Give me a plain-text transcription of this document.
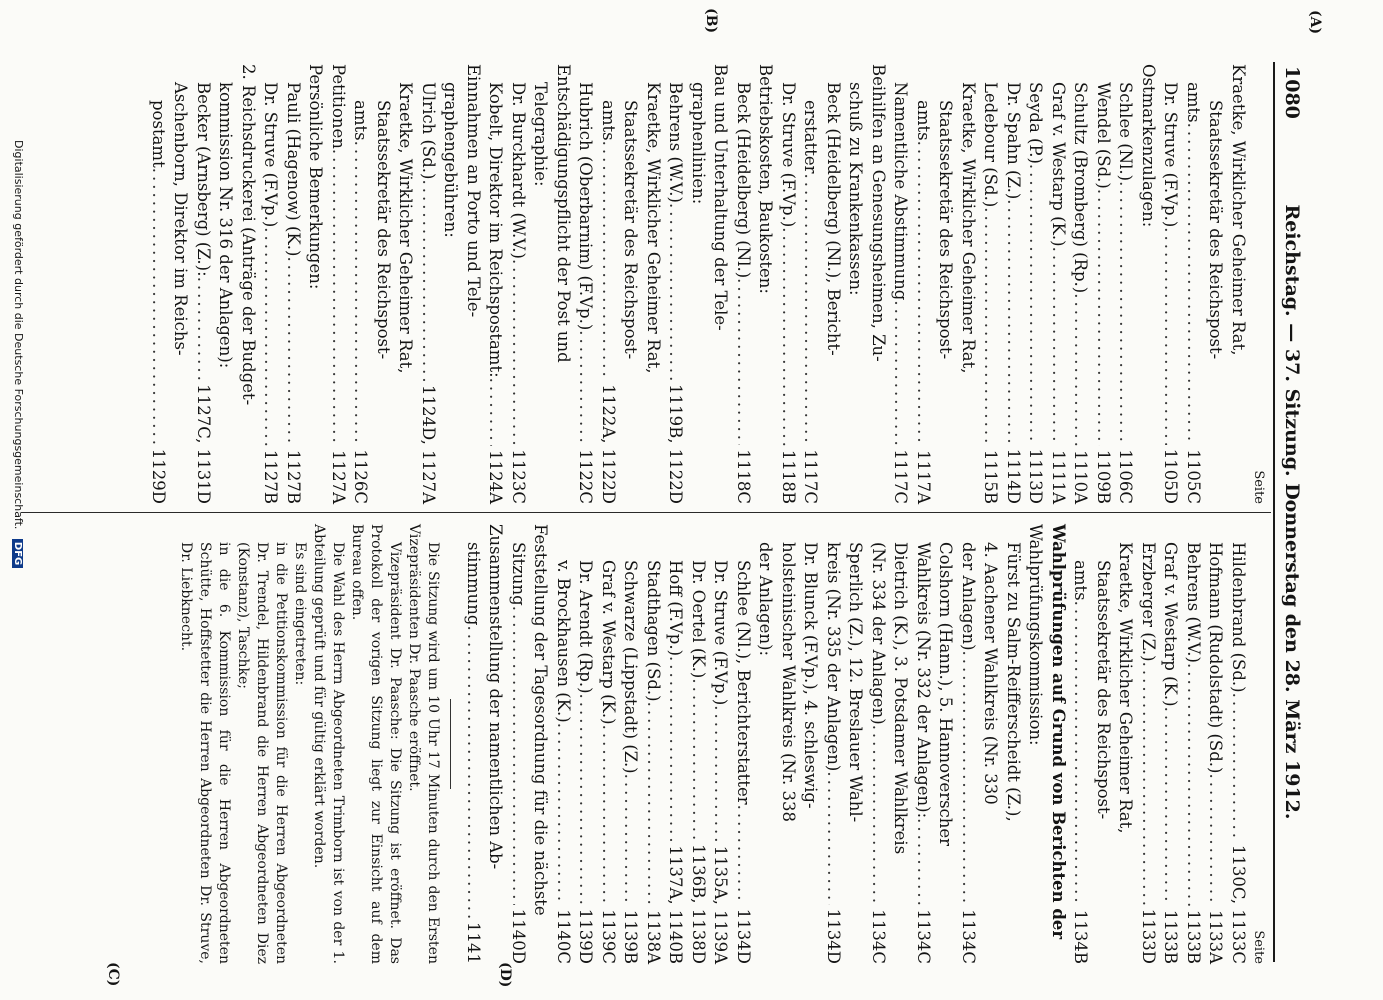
1080
Reichstag. — 37. Sitzung. Donnerstag den 28. März 1912.
(A)
(B)
(C)	(D)
Seite
Kraetke, Wirklicher Geheimer Rat,
Staatssekretär des Reichspost-
amts
.....
1105C
Dr. Struve (F.Vp.)
.....
1105D
Ostmarkenzulagen:
Schlee (Nl.)
.....
1106C
Wendel (Sd.)
.....
1109B
Schultz (Bromberg) (Rp.)
.....
1110A
Graf v. Westarp (K.)
.....
1111A
Seyda (P.)
.....
1113D
Dr. Spahn (Z.)
.....
1114D
Ledebour (Sd.)
.....
1115B
Kraetke, Wirklicher Geheimer Rat,
Staatssekretär des Reichspost-
amts
.....
1117A
Namentliche Abstimmung
.....
1117C
Beihilfen an Genesungsheimen, Zu-
schuß zu Krankenkassen:
Beck (Heidelberg) (Nl.), Bericht-
erstatter
.....
1117C
Dr. Struve (F.Vp.)
.....
1118B
Betriebskosten, Baukosten:
Beck (Heidelberg) (Nl.)
.....
1118C
Bau und Unterhaltung der Tele-
graphenlinien:
Behrens (W.V.)
.....
1119B, 1122D
Kraetke, Wirklicher Geheimer Rat,
Staatssekretär des Reichspost-
amts
.....
1122A, 1122D
Hubrich (Oberbarnim) (F.Vp.)
.....
1122C
Entschädigungspflicht der Post und
Telegraphie:
Dr. Burckhardt (W.V.)
.....
1123C
Kobelt, Direktor im Reichspostamt:
.....
1124A
Einnahmen an Porto und Tele-
graphengebühren:
Ulrich (Sd.)
.....
1124D, 1127A
Kraetke, Wirklicher Geheimer Rat,
Staatssekretär des Reichspost-
amts
.....
1126C
Petitionen
.....
1127A
Persönliche Bemerkungen:
Pauli (Hagenow) (K.)
.....
1127B
Dr. Struve (F.Vp.)
.....
1127B
2. Reichsdruckerei (Anträge der Budget-
kommission Nr. 316 der Anlagen):
Becker (Arnsberg) (Z.):
.....
1127C, 1131D
Aschenborn, Direktor im Reichs-
postamt
.....
1129D
Seite
Hildenbrand (Sd.)
.....
1130C, 1133C
Hofmann (Rudolstadt) (Sd.)
.....
1133A
Behrens (W.V.)
.....
1133B
Graf v. Westarp (K.)
.....
1133B
Erzberger (Z.)
.....
1133D
Kraetke, Wirklicher Geheimer Rat,
Staatssekretär des Reichspost-
amts
.....
1134B
Wahlprüfungen auf Grund von Berichten der
Wahlprüfungskommission:
Fürst zu Salm-Reifferscheidt (Z.),
4. Aachener Wahlkreis (Nr. 330
der Anlagen)
.....
1134C
Colshorn (Hann.), 5. Hannoverscher
Wahlkreis (Nr. 332 der Anlagen):
.....
1134C
Dietrich (K.), 3. Potsdamer Wahlkreis
(Nr. 334 der Anlagen)
.....
1134C
Sperlich (Z.), 12. Breslauer Wahl-
kreis (Nr. 335 der Anlagen)
.....
1134D
Dr. Blunck (F.Vp.), 4. schleswig-
holsteinischer Wahlkreis (Nr. 338
der Anlagen):
Schlee (Nl.), Berichterstatter
.....
1134D
Dr. Struve (F.Vp.)
.....
1135A, 1139A
Dr. Oertel (K.)
.....
1136B, 1138D
Hoff (F.Vp.)
.....
1137A, 1140B
Stadthagen (Sd.)
.....
1138A
Schwarze (Lippstadt) (Z.)
.....
1139B
Graf v. Westarp (K.)
.....
1139C
Dr. Arendt (Rp.)
.....
1139D
v. Brockhausen (K.)
.....
1140C
Feststellung der Tagesordnung für die nächste
Sitzung
.....
1140D
Zusammenstellung der namentlichen Ab-
stimmung
.....
1141
Die Sitzung wird um 10 Uhr 17 Minuten durch den Ersten Vizepräsidenten Dr. Paasche eröffnet.
Vizepräsident Dr. Paasche: Die Sitzung ist eröffnet. Das Protokoll der vorigen Sitzung liegt zur Einsicht auf dem Bureau offen.
Die Wahl des Herrn Abgeordneten Trimborn ist von der 1. Abteilung geprüft und für gültig erklärt worden.
Es sind eingetreten:
in die Petitionskommission für die Herren Abgeordneten Dr. Trendel, Hildenbrand die Herren Abgeordneten Diez (Konstanz), Taschke;
in die 6. Kommission für die Herren Abgeordneten Schütte, Hoffstetter die Herren Abgeordneten Dr. Struve, Dr. Liebknecht.
Digitalisierung gefördert durch die Deutsche Forschungsgemeinschaft. DFG
